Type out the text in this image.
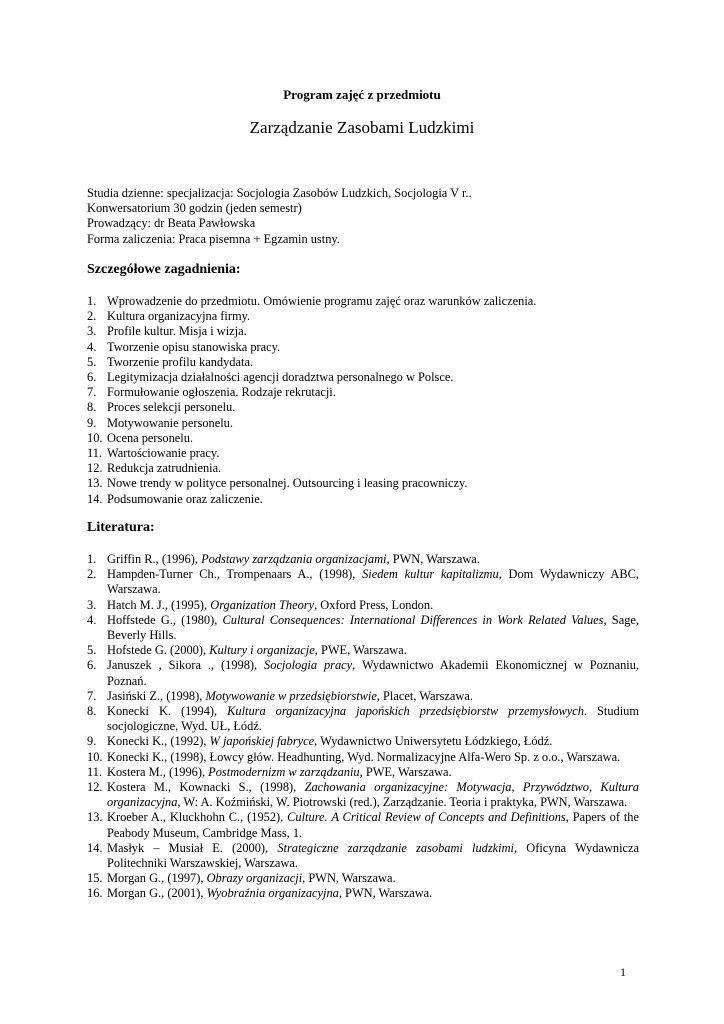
Program zajęć z przedmiotu
Zarządzanie Zasobami Ludzkimi
Studia dzienne: specjalizacja: Socjologia Zasobów Ludzkich, Socjologia V r..
Konwersatorium 30 godzin (jeden semestr)
Prowadzący: dr Beata Pawłowska
Forma zaliczenia: Praca pisemna + Egzamin ustny.
Szczegółowe zagadnienia:
1. Wprowadzenie do przedmiotu. Omówienie programu zajęć oraz warunków zaliczenia.
2. Kultura organizacyjna firmy.
3. Profile kultur. Misja i wizja.
4. Tworzenie opisu stanowiska pracy.
5. Tworzenie profilu kandydata.
6. Legitymizacja działalności agencji doradztwa personalnego w Polsce.
7. Formułowanie ogłoszenia. Rodzaje rekrutacji.
8. Proces selekcji personelu.
9. Motywowanie personelu.
10. Ocena personelu.
11. Wartościowanie pracy.
12. Redukcja zatrudnienia.
13. Nowe trendy w polityce personalnej. Outsourcing i leasing pracowniczy.
14. Podsumowanie oraz zaliczenie.
Literatura:
1. Griffin R., (1996), Podstawy zarządzania organizacjami, PWN, Warszawa.
2. Hampden-Turner Ch., Trompenaars A., (1998), Siedem kultur kapitalizmu, Dom Wydawniczy ABC, Warszawa.
3. Hatch M. J., (1995), Organization Theory, Oxford Press, London.
4. Hoffstede G., (1980), Cultural Consequences: International Differences in Work Related Values, Sage, Beverly Hills.
5. Hofstede G. (2000), Kultury i organizacje, PWE, Warszawa.
6. Januszek , Sikora ., (1998), Socjologia pracy, Wydawnictwo Akademii Ekonomicznej w Poznaniu, Poznań.
7. Jasiński Z., (1998), Motywowanie w przedsiębiorstwie, Placet, Warszawa.
8. Konecki K. (1994), Kultura organizacyjna japońskich przedsiębiorstw przemysłowych. Studium socjologiczne, Wyd. UŁ, Łódź.
9. Konecki K., (1992), W japońskiej fabryce, Wydawnictwo Uniwersytetu Łódzkiego, Łódź.
10. Konecki K., (1998), Łowcy głów. Headhunting, Wyd. Normalizacyjne Alfa-Wero Sp. z o.o., Warszawa.
11. Kostera M., (1996), Postmodernizm w zarządzaniu, PWE, Warszawa.
12. Kostera M., Kownacki S., (1998), Zachowania organizacyjne: Motywacja, Przywództwo, Kultura organizacyjna, W: A. Koźmiński, W. Piotrowski (red.), Zarządzanie. Teoria i praktyka, PWN, Warszawa.
13. Kroeber A., Kluckhohn C., (1952), Culture. A Critical Review of Concepts and Definitions, Papers of the Peabody Museum, Cambridge Mass, 1.
14. Masłyk – Musiał E. (2000), Strategiczne zarządzanie zasobami ludzkimi, Oficyna Wydawnicza Politechniki Warszawskiej, Warszawa.
15. Morgan G., (1997), Obrazy organizacji, PWN, Warszawa.
16. Morgan G., (2001), Wyobraźnia organizacyjna, PWN, Warszawa.
1
